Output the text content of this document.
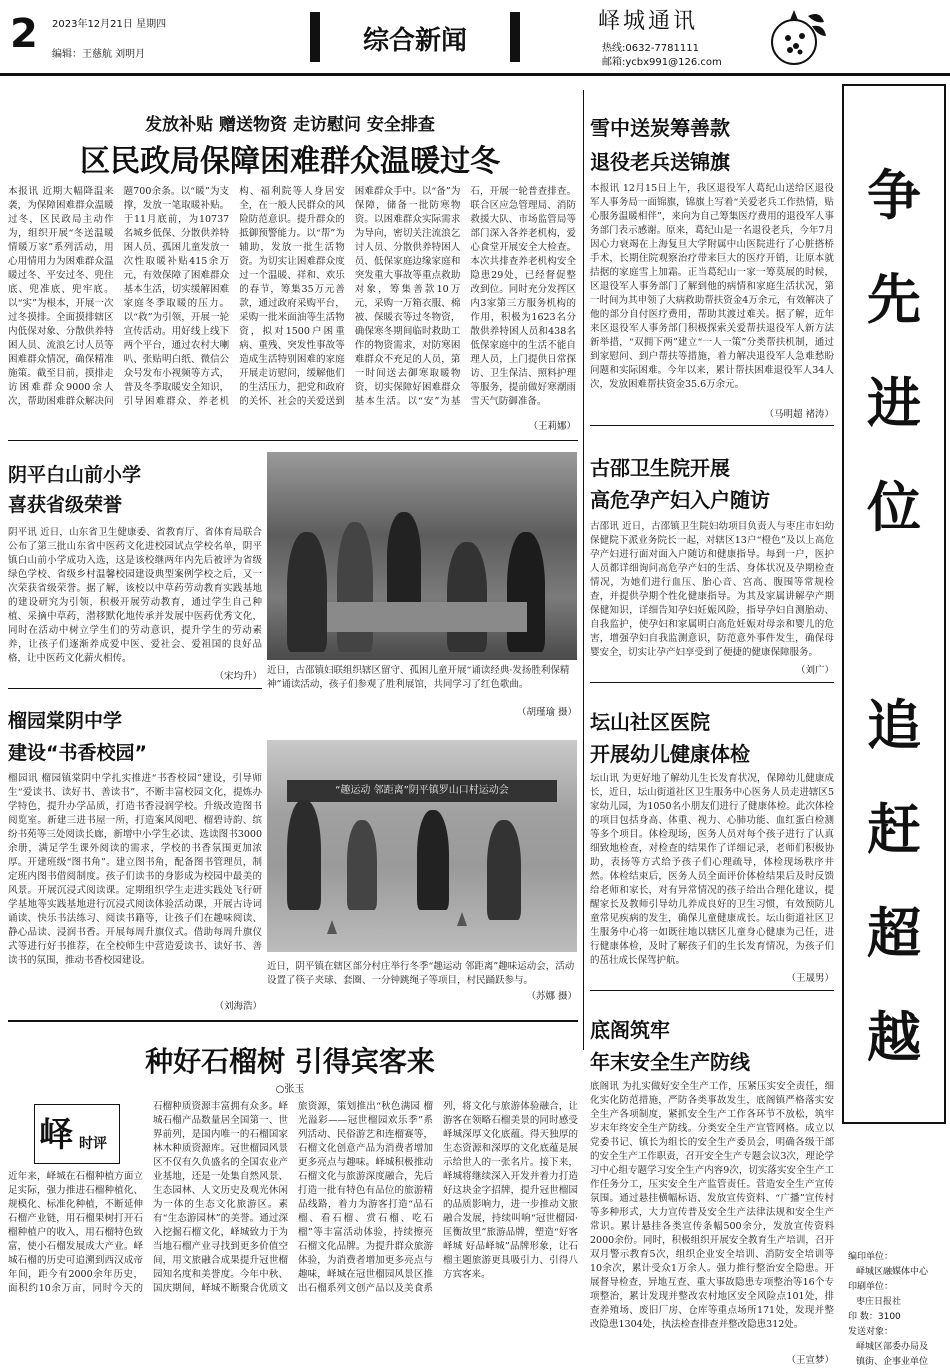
2 2023年12月21日 星期四
编辑：王慈航 刘明月	综合新闻
峄城通讯
热线:0632-7781111
邮箱:ycbx991@126.com
发放补贴 赠送物资 走访慰问 安全排查
区民政局保障困难群众温暖过冬
本报讯 近期大幅降温来袭，为保障困难群众温暖过冬，区民政局主动作为，组织开展“冬送温暖 情暖万家”系列活动，用心用情用力为困难群众温暖过冬、平安过冬、兜住底、兜准底、兜牢底。以“实”为根本，开展一次过冬摸排。全面摸排辖区内低保对象、分散供养特困人员、流浪乞讨人员等困难群众情况，确保精准施策。截至目前，摸排走访困难群众9000余人次，帮助困难群众解决问题700余条。以“暖”为支撑，发放一笔取暖补贴。于11月底前，为10737名城乡低保、分散供养特困人员、孤困儿童发放一次性取暖补贴415余万元，有效保障了困难群众基本生活，切实缓解困难家庭冬季取暖的压力。以“救”为引领，开展一轮宣传活动。用好线上线下两个平台，通过农村大喇叭、张贴明白纸、微信公众号发布小视频等方式，普及冬季取暖安全知识，引导困难群众、养老机构、福利院等人身居安全，在一般人民群众的风险防范意识。提升群众的抵御预警能力。以“帮”为辅助，发放一批生活物资。为切实让困难群众度过一个温暖、祥和、欢乐的春节，筹集35万元善款，通过政府采购平台，采购一批米面油等生活物资，拟对1500户困重病、重残、突发性事故等造成生活特别困难的家庭开展走访慰问，缓解他们的生活压力，把党和政府的关怀、社会的关爱送到困难群众手中。以“备”为保障，储备一批防寒物资。以困难群众实际需求为导向，密切关注流浪乞讨人员、分散供养特困人员、低保家庭边缘家庭和突发重大事故等重点救助对象，筹集善款10万元，采购一万箱衣服、棉被、保暖衣等过冬物资，确保寒冬期间临时救助工作的物资需求，对防寒困难群众不充足的人员，第一时间送去御寒取暖物资，切实保障好困难群众基本生活。以“安”为基石，开展一轮普查排查。联合区应急管理局、消防救援大队、市场监管局等部门深入各养老机构，爱心食堂开展安全大检查。本次共排查养老机构安全隐患29处，已经督促整改到位。同时充分发挥区内3家第三方服务机构的作用，积极为1623名分散供养特困人员和438名低保家庭中的生活不能自理人员，上门提供日常探访、卫生保洁、照料护理等服务，提前做好寒潮雨雪天气防御准备。
（王莉娜）
雪中送炭筹善款
退役老兵送锦旗
本报讯 12月15日上午，我区退役军人葛纪山送给区退役军人事务局一面锦旗，锦旗上写着“关爱老兵工作热情，贴心服务温暖相伴”，来向为自己筹集医疗费用的退役军人事务部门表示感谢。原来，葛纪山是一名退役老兵，今年7月因心力衰竭在上海复旦大学附属中山医院进行了心脏搭桥手术，长期住院观察治疗带来巨大的医疗开销，让原本就拮据的家庭雪上加霜。正当葛纪山一家一筹莫展的时候，区退役军人事务部门了解到他的病情和家庭生活状况，第一时间为其申领了大病救助帮扶资金4万余元，有效解决了他的部分自付医疗费用，帮助其渡过难关。据了解，近年来区退役军人事务部门积极探索关爱帮扶退役军人新方法新举措，“双拥下两”建立“一人一策”分类帮扶机制，通过到家慰问、到户帮扶等措施，着力解决退役军人急难愁盼问题和实际困难。今年以来，累计帮扶困难退役军人34人次，发放困难帮扶资金35.6万余元。
（马明超 褚涛）
阴平白山前小学
喜获省级荣誉
阴平讯 近日，山东省卫生健康委、省教育厅、省体育局联合公布了第三批山东省中医药文化进校园试点学校名单，阴平镇白山前小学成功入选，这是该校继两年内先后被评为省级绿色学校、省级乡村温馨校园建设典型案例学校之后，又一次荣获省级荣誉。据了解，该校以中草药劳动教育实践基地的建设研究为引领，积极开展劳动教育，通过学生自己种植、采摘中草药，潜移默化地传承并发展中医药优秀文化，同时在活动中树立学生们的劳动意识，提升学生的劳动素养，让孩子们逐渐养成爱中医、爱社会、爱祖国的良好品格，让中医药文化薪火相传。
（宋均升）
近日，古邵镇妇联组织辖区留守、孤困儿童开展“诵读经典·发扬胜利保精神”诵读活动，孩子们参观了胜利展馆，共同学习了红色歌曲。
（胡瑾瑜 摄）
古邵卫生院开展
高危孕产妇入户随访
古邵讯 近日，古邵镇卫生院妇幼项目负责人与枣庄市妇幼保健院下派业务院长一起，对辖区13户“橙色”及以上高危孕产妇进行面对面入户随访和健康指导。每到一户，医护人员都详细询问高危孕产妇的生活、身体状况及孕期检查情况，为她们进行血压、胎心音、宫高、腹围等常规检查，并提供孕期个性化健康指导。为其及家属讲解孕产期保健知识，详细告知孕妇妊娠风险，指导孕妇自测胎动、自我监护，使孕妇和家属明白高危妊娠对母亲和婴儿的危害，增强孕妇自我监测意识，防范意外事件发生，确保母婴安全，切实让孕产妇享受到了便捷的健康保障服务。
（刘广）
榴园棠阴中学
建设“书香校园”
榴园讯 榴园镇棠阴中学扎实推进“书香校园”建设，引导师生“爱读书、读好书、善读书”，不断丰富校园文化，提炼办学特色，提升办学品质，打造书香浸润学校。升级改造图书阅览室。新建三进书屋一所，打造案风阅吧、榴碧诗韵、缤纷书苑等三处阅读长廊，新增中小学生必读、选读图书3000余册，满足学生课外阅读的需求，学校的书香氛围更加浓厚。开建班级“图书角”。建立图书角，配备图书管理员，制定班内图书借阅制度。孩子们读书的身影成为校园中最美的风景。开展沉浸式阅读课。定期组织学生走进实践处飞行研学基地等实践基地进行沉浸式阅读体验活动课，开展古诗词诵读、快乐书法练习、阅读书籍等，让孩子们在趣味阅读、静心品读、浸润书香。开展每周升旗仪式。借助每周升旗仪式等进行好书推荐，在全校师生中营造爱读书、读好书、善读书的氛围，推动书香校园建设。
（刘海浩）
“趣运动 邻距离”阴平镇罗山口村运动会
近日，阴平镇在辖区部分村庄举行冬季“趣运动 邻距离”趣味运动会，活动设置了筷子夹球、套圈、一分钟跳绳子等项目，村民踊跃参与。
（苏娜 摄）
坛山社区医院
开展幼儿健康体检
坛山讯 为更好地了解幼儿生长发育状况，保障幼儿健康成长，近日，坛山街道社区卫生服务中心医务人员走进辖区5家幼儿园，为1050名小朋友们进行了健康体检。此次体检的项目包括身高、体重、视力、心肺功能、血红蛋白检测等多个项目。体检现场，医务人员对每个孩子进行了认真细致地检查，对检查的结果作了详细记录，老师们积极协助，表扬等方式给予孩子们心理疏导，体检现场秩序井然。体检结束后，医务人员全面评价体检结果后及时反馈给老师和家长，对有异常情况的孩子给出合理化建议，提醒家长及教师引导幼儿养成良好的卫生习惯，有效预防儿童常见疾病的发生，确保儿童健康成长。坛山街道社区卫生服务中心将一如既往地以辖区儿童身心健康为己任，进行健康体检，及时了解孩子们的生长发育情况，为孩子们的茁壮成长保驾护航。
（王晟男）
底阁筑牢
年末安全生产防线
底阁讯 为扎实做好安全生产工作，压紧压实安全责任，细化实化防范措施，严防各类事故发生，底阁镇严格落实安全生产各项制度，紧抓安全生产工作各环节不放松，筑牢岁末年终安全生产防线。分类安全生产宣管网格。成立以党委书记、镇长为组长的安全生产委员会，明确各级干部的安全生产工作职责，召开安全生产专题会议3次，理论学习中心组专题学习安全生产内容9次，切实落实安全生产工作任务分工，压实安全生产监管责任。营造安全生产宣传氛围。通过悬挂横幅标语、发放宣传资料、“广播”宣传村等多种形式，大力宣传普及安全生产法律法规和安全生产常识。累计悬挂各类宣传条幅500余分，发放宣传资料2000余份。同时，积极组织开展安全教育生产培训，召开双月警示教育5次，组织企业安全培训、消防安全培训等10余次，累计受众1万余人。强力推行整治安全隐患。开展督导检查，异地互查、重大事故隐患专项整治等16个专项整治，累计发现并整改农村地区安全风险点101处，排查养殖场、废旧厂房、仓库等重点场所171处，发现并整改隐患1304处，执法检查排查并整改隐患312处。
（王宣梦）
种好石榴树 引得宾客来
○张玉
峄 时评
近年来，峄城在石榴种植方面立足实际，强力推进石榴种植化、规模化、标准化种植，不断延伸石榴产业链，用石榴果树打开石榴种植户的收入，用石榴特色致富，使小石榴发展成大产业。峄城石榴的历史可追溯到西汉成帝年间，距今有2000余年历史，面积约10余万亩，同时今天的石榴种质资源丰富拥有众多。峄城石榴产品数量居全国第一、世界前列，是国内唯一的石榴国家林木种质资源库。冠世榴园风景区不仅有久负盛名的全国农业产业基地，还是一处集自然风景、生态园林、人文历史及观光休闲为一体的生态文化旅游区。素有“生态游园林”的美誉。通过深入挖掘石榴文化，峄城致力于为当地石榴产业寻找到更多价值空间，用文旅融合成果提升冠世榴园知名度和美誉度。今年中秋、国庆期间，峄城不断聚合优质文旅资源，策划推出“秋色满园 榴光溢彩——冠世榴园欢乐季”系列活动、民俗游艺和连榴赛等，石榴文化创意产品为消费者增加更多亮点与趣味。峄城积极推动石榴文化与旅游深度融合，先后打造一批有特色有品位的旅游精品线路，着力为游客打造“品石榴、看石榴、赏石榴、吃石榴”等丰富活动体验，持续擦亮石榴文化品牌。为提升群众旅游体验，为消费者增加更多亮点与趣味，峄城在冠世榴园风景区推出石榴系列文创产品以及美食系列，将文化与旅游体验融合，让游客在领略石榴美景的同时感受峄城深厚文化底蕴。得天独厚的生态资源和深厚的文化底蕴是展示给世人的一张名片。接下来，峄城将继续深入开发并着力打造好这块金字招牌，提升冠世榴园的品质影响力，进一步推动文旅融合发展，持续叫响“冠世榴园·匡衡故里”旅游品牌，塑造“好客峄城 好品峄城”品牌形象，让石榴主题旅游更具吸引力、引得八方宾客来。
争
先
进
位
追
赶
超
越
编印单位：
峄城区融媒体中心
印刷单位：
枣庄日报社
印 数：3100
发送对象：
峄城区部委办局及
镇街、企事业单位
